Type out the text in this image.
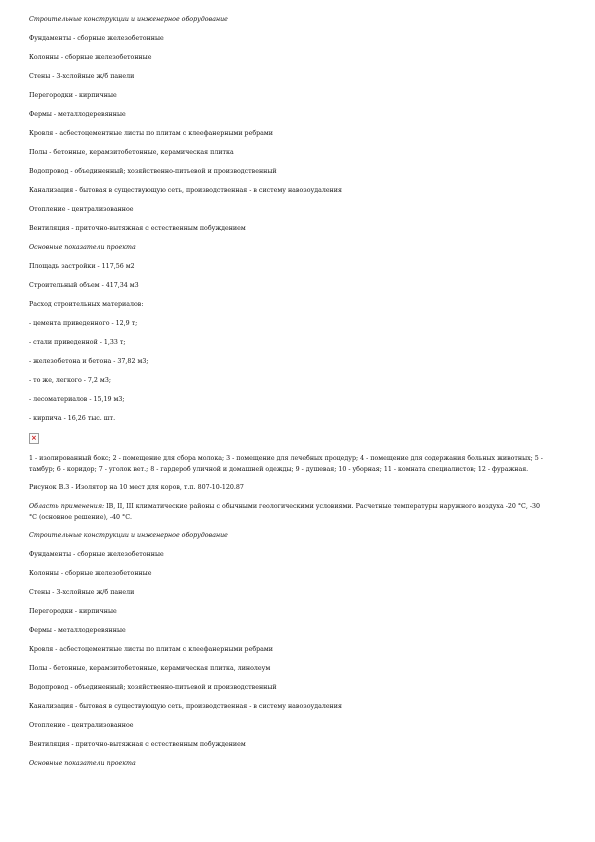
Строительные конструкции и инженерное оборудование
Фундаменты - сборные железобетонные
Колонны - сборные железобетонные
Стены - 3-хслойные ж/б панели
Перегородки - кирпичные
Фермы - металлодеревянные
Кровля - асбестоцементные листы по плитам с клеефанерными ребрами
Полы - бетонные, керамзитобетонные, керамическая плитка
Водопровод - объединенный; хозяйственно-питьевой и производственный
Канализация - бытовая в существующую сеть, производственная - в систему навозоудаления
Отопление - централизованное
Вентиляция - приточно-вытяжная с естественным побуждением
Основные показатели проекта
Площадь застройки - 117,56 м2
Строительный объем - 417,34 м3
Расход строительных материалов:
- цемента приведенного - 12,9 т;
- стали приведенной - 1,33 т;
- железобетона и бетона - 37,82 м3;
- то же, легкого - 7,2 м3;
- лесоматериалов - 15,19 м3;
- кирпича - 16,26 тыс. шт.
×
1 - изолированный бокс; 2 - помещение для сбора молока; 3 - помещение для лечебных процедур; 4 - помещение для содержания больных животных; 5 - тамбур; 6 - коридор; 7 - уголок вет.; 8 - гардероб уличной и домашней одежды; 9 - душевая; 10 - уборная; 11 - комната специалистов; 12 - фуражная.
Рисунок В.3 - Изолятор на 10 мест для коров, т.п. 807-10-120.87
Область применения: IВ, II, III климатические районы с обычными геологическими условиями. Расчетные температуры наружного воздуха -20 °С, -30 °С (основное решение), -40 °С.
Строительные конструкции и инженерное оборудование
Фундаменты - сборные железобетонные
Колонны - сборные железобетонные
Стены - 3-хслойные ж/б панели
Перегородки - кирпичные
Фермы - металлодеревянные
Кровля - асбестоцементные листы по плитам с клеефанерными ребрами
Полы - бетонные, керамзитобетонные, керамическая плитка, линолеум
Водопровод - объединенный; хозяйственно-питьевой и производственный
Канализация - бытовая в существующую сеть, производственная - в систему навозоудаления
Отопление - централизованное
Вентиляция - приточно-вытяжная с естественным побуждением
Основные показатели проекта
